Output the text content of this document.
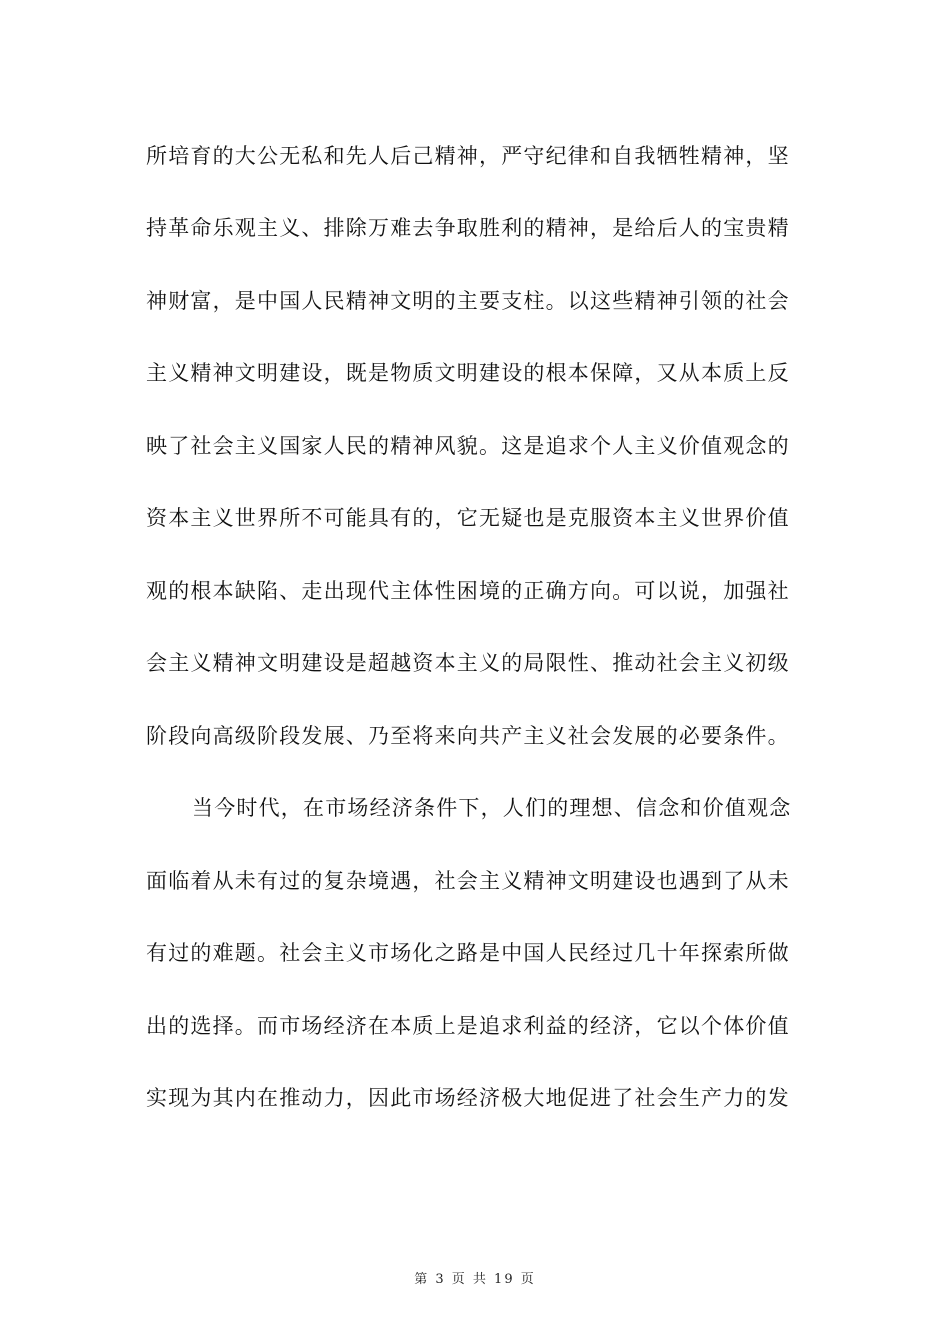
所培育的大公无私和先人后己精神，严守纪律和自我牺牲精神，坚
持革命乐观主义、排除万难去争取胜利的精神，是给后人的宝贵精
神财富，是中国人民精神文明的主要支柱。以这些精神引领的社会
主义精神文明建设，既是物质文明建设的根本保障，又从本质上反
映了社会主义国家人民的精神风貌。这是追求个人主义价值观念的
资本主义世界所不可能具有的，它无疑也是克服资本主义世界价值
观的根本缺陷、走出现代主体性困境的正确方向。可以说，加强社
会主义精神文明建设是超越资本主义的局限性、推动社会主义初级
阶段向高级阶段发展、乃至将来向共产主义社会发展的必要条件。
当今时代，在市场经济条件下，人们的理想、信念和价值观念
面临着从未有过的复杂境遇，社会主义精神文明建设也遇到了从未
有过的难题。社会主义市场化之路是中国人民经过几十年探索所做
出的选择。而市场经济在本质上是追求利益的经济，它以个体价值
实现为其内在推动力，因此市场经济极大地促进了社会生产力的发
第 3 页 共 19 页
